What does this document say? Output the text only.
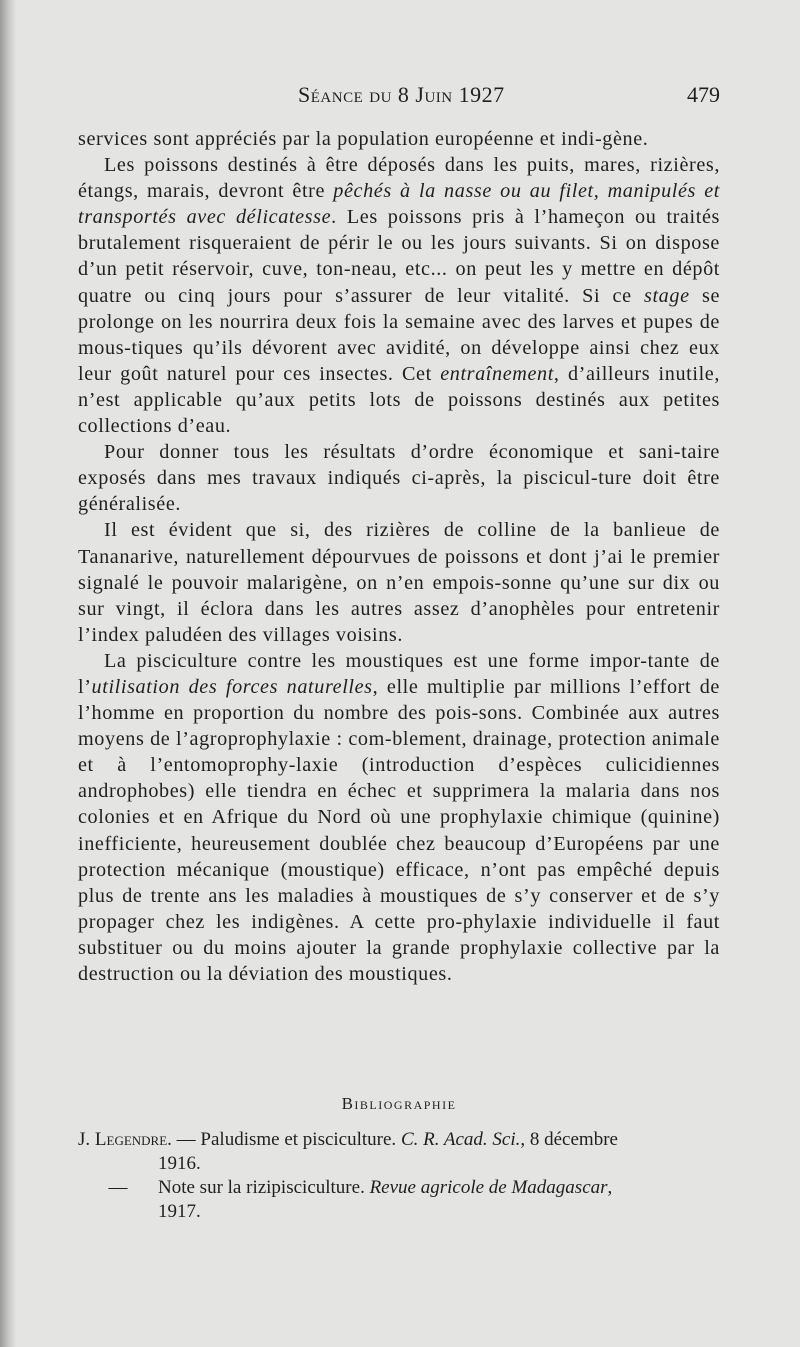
Séance du 8 Juin 1927	479

services sont appréciés par la population européenne et indi-gène.

Les poissons destinés à être déposés dans les puits, mares, rizières, étangs, marais, devront être pêchés à la nasse ou au filet, manipulés et transportés avec délicatesse. Les poissons pris à l’hameçon ou traités brutalement risqueraient de périr le ou les jours suivants. Si on dispose d’un petit réservoir, cuve, ton-neau, etc... on peut les y mettre en dépôt quatre ou cinq jours pour s’assurer de leur vitalité. Si ce stage se prolonge on les nourrira deux fois la semaine avec des larves et pupes de mous-tiques qu’ils dévorent avec avidité, on développe ainsi chez eux leur goût naturel pour ces insectes. Cet entraînement, d’ailleurs inutile, n’est applicable qu’aux petits lots de poissons destinés aux petites collections d’eau.

Pour donner tous les résultats d’ordre économique et sani-taire exposés dans mes travaux indiqués ci-après, la piscicul-ture doit être généralisée.

Il est évident que si, des rizières de colline de la banlieue de Tananarive, naturellement dépourvues de poissons et dont j’ai le premier signalé le pouvoir malarigène, on n’en empois-sonne qu’une sur dix ou sur vingt, il éclora dans les autres assez d’anophèles pour entretenir l’index paludéen des villages voisins.

La pisciculture contre les moustiques est une forme impor-tante de l’utilisation des forces naturelles, elle multiplie par millions l’effort de l’homme en proportion du nombre des pois-sons. Combinée aux autres moyens de l’agroprophylaxie : com-blement, drainage, protection animale et à l’entomoprophy-laxie (introduction d’espèces culicidiennes androphobes) elle tiendra en échec et supprimera la malaria dans nos colonies et en Afrique du Nord où une prophylaxie chimique (quinine) inefficiente, heureusement doublée chez beaucoup d’Européens par une protection mécanique (moustique) efficace, n’ont pas empêché depuis plus de trente ans les maladies à moustiques de s’y conserver et de s’y propager chez les indigènes. A cette pro-phylaxie individuelle il faut substituer ou du moins ajouter la grande prophylaxie collective par la destruction ou la déviation des moustiques.

Bibliographie
J. Legendre. — Paludisme et pisciculture. C. R. Acad. Sci., 8 décembre
1916.
—	Note sur la rizipisciculture. Revue agricole de Madagascar,
1917.
